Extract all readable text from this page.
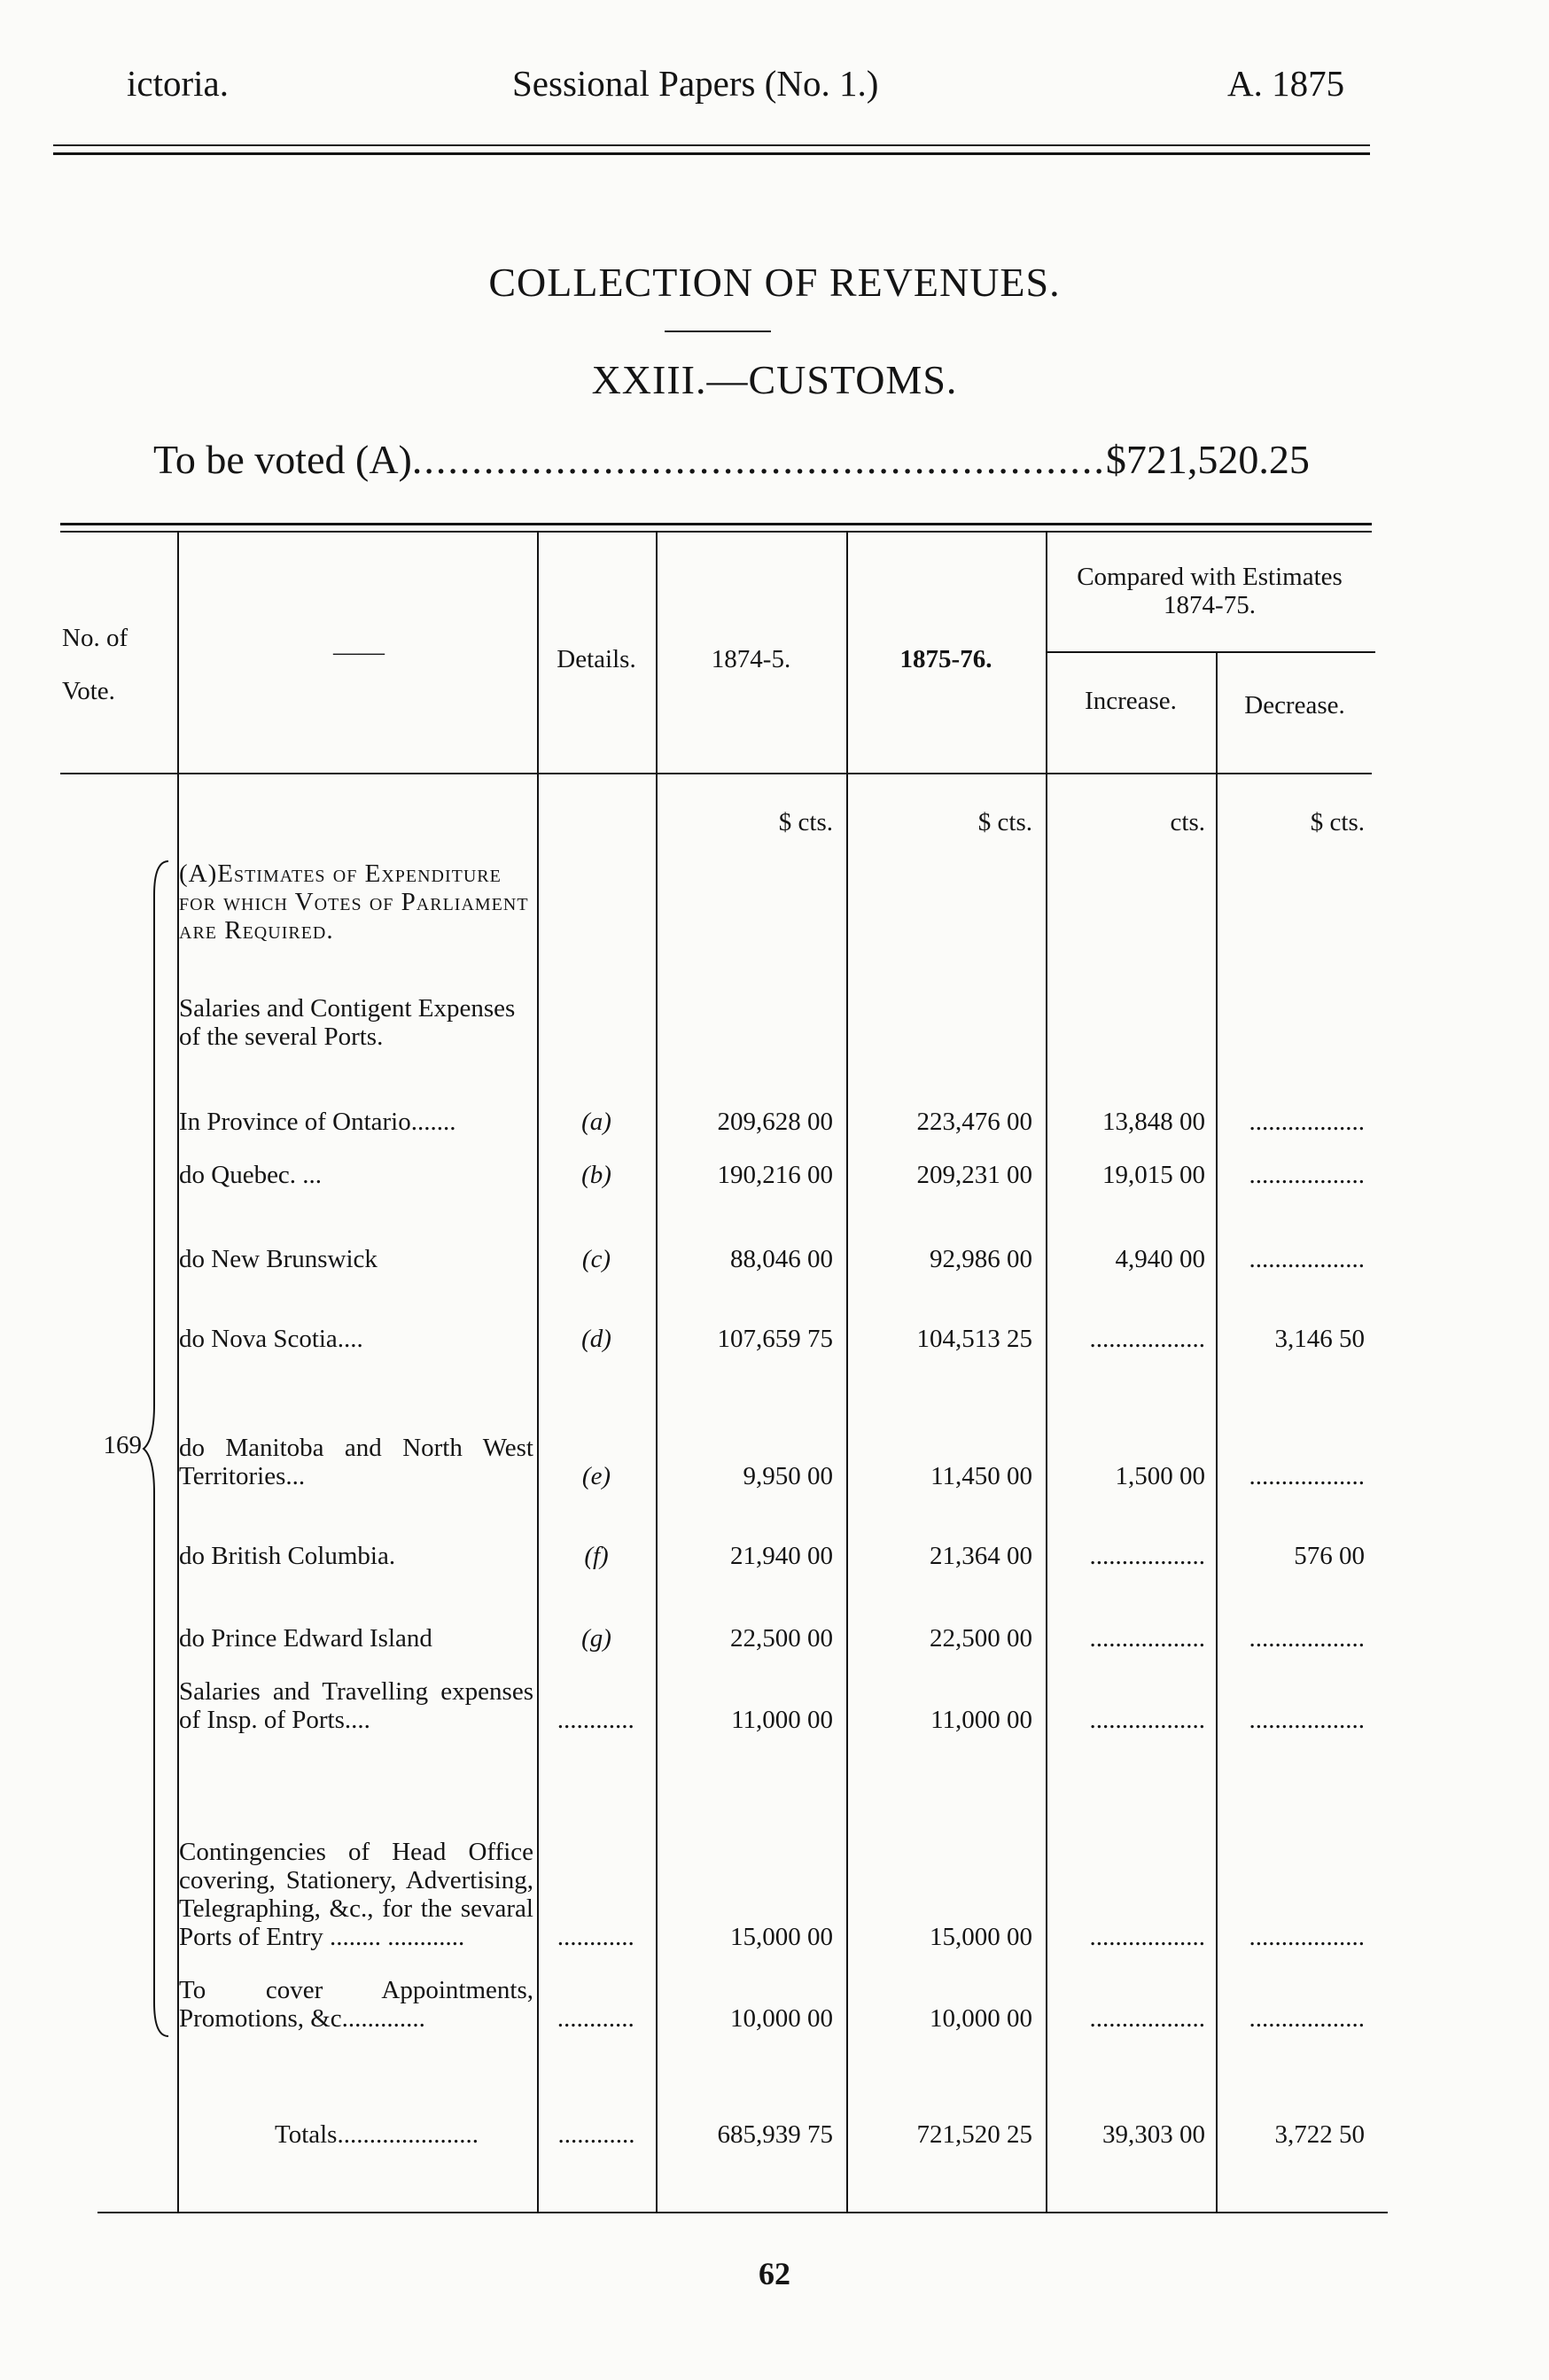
ictoria.	Sessional Papers (No. 1.)	A. 1875
COLLECTION OF REVENUES.
XXIII.—CUSTOMS.
To be voted (A)..........................................................$721,520.25
No. of Vote.
——	Details.	1874-5.	1875-76.
Compared with Estimates 1874-75.
Increase.	Decrease.
$ cts.	$ cts.	cts.	$ cts.
169
(A)Estimates of Expenditure for which Votes of Parliament are Required.
Salaries and Contigent Expenses of the several Ports.
In Province of Ontario.......	(a)	209,628 00	223,476 00	13,848 00	..................
do Quebec. ...	(b)	190,216 00	209,231 00	19,015 00	..................
do New Brunswick	(c)	88,046 00	92,986 00	4,940 00	..................
do Nova Scotia....	(d)	107,659 75	104,513 25	..................	3,146 50
do Manitoba and North West Territories...	(e)	9,950 00	11,450 00	1,500 00	..................
do British Columbia.	(f)	21,940 00	21,364 00	..................	576 00
do Prince Edward Island	(g)	22,500 00	22,500 00	..................	..................
Salaries and Travelling expenses of Insp. of Ports....	............	11,000 00	11,000 00	..................	..................
Contingencies of Head Office covering, Stationery, Advertising, Telegraphing, &c., for the sevaral Ports of Entry ........ ............	............	15,000 00	15,000 00	..................	..................
To cover Appointments, Promotions, &c.............	............	10,000 00	10,000 00	..................	..................
Totals......................	............	685,939 75	721,520 25	39,303 00	3,722 50
62
